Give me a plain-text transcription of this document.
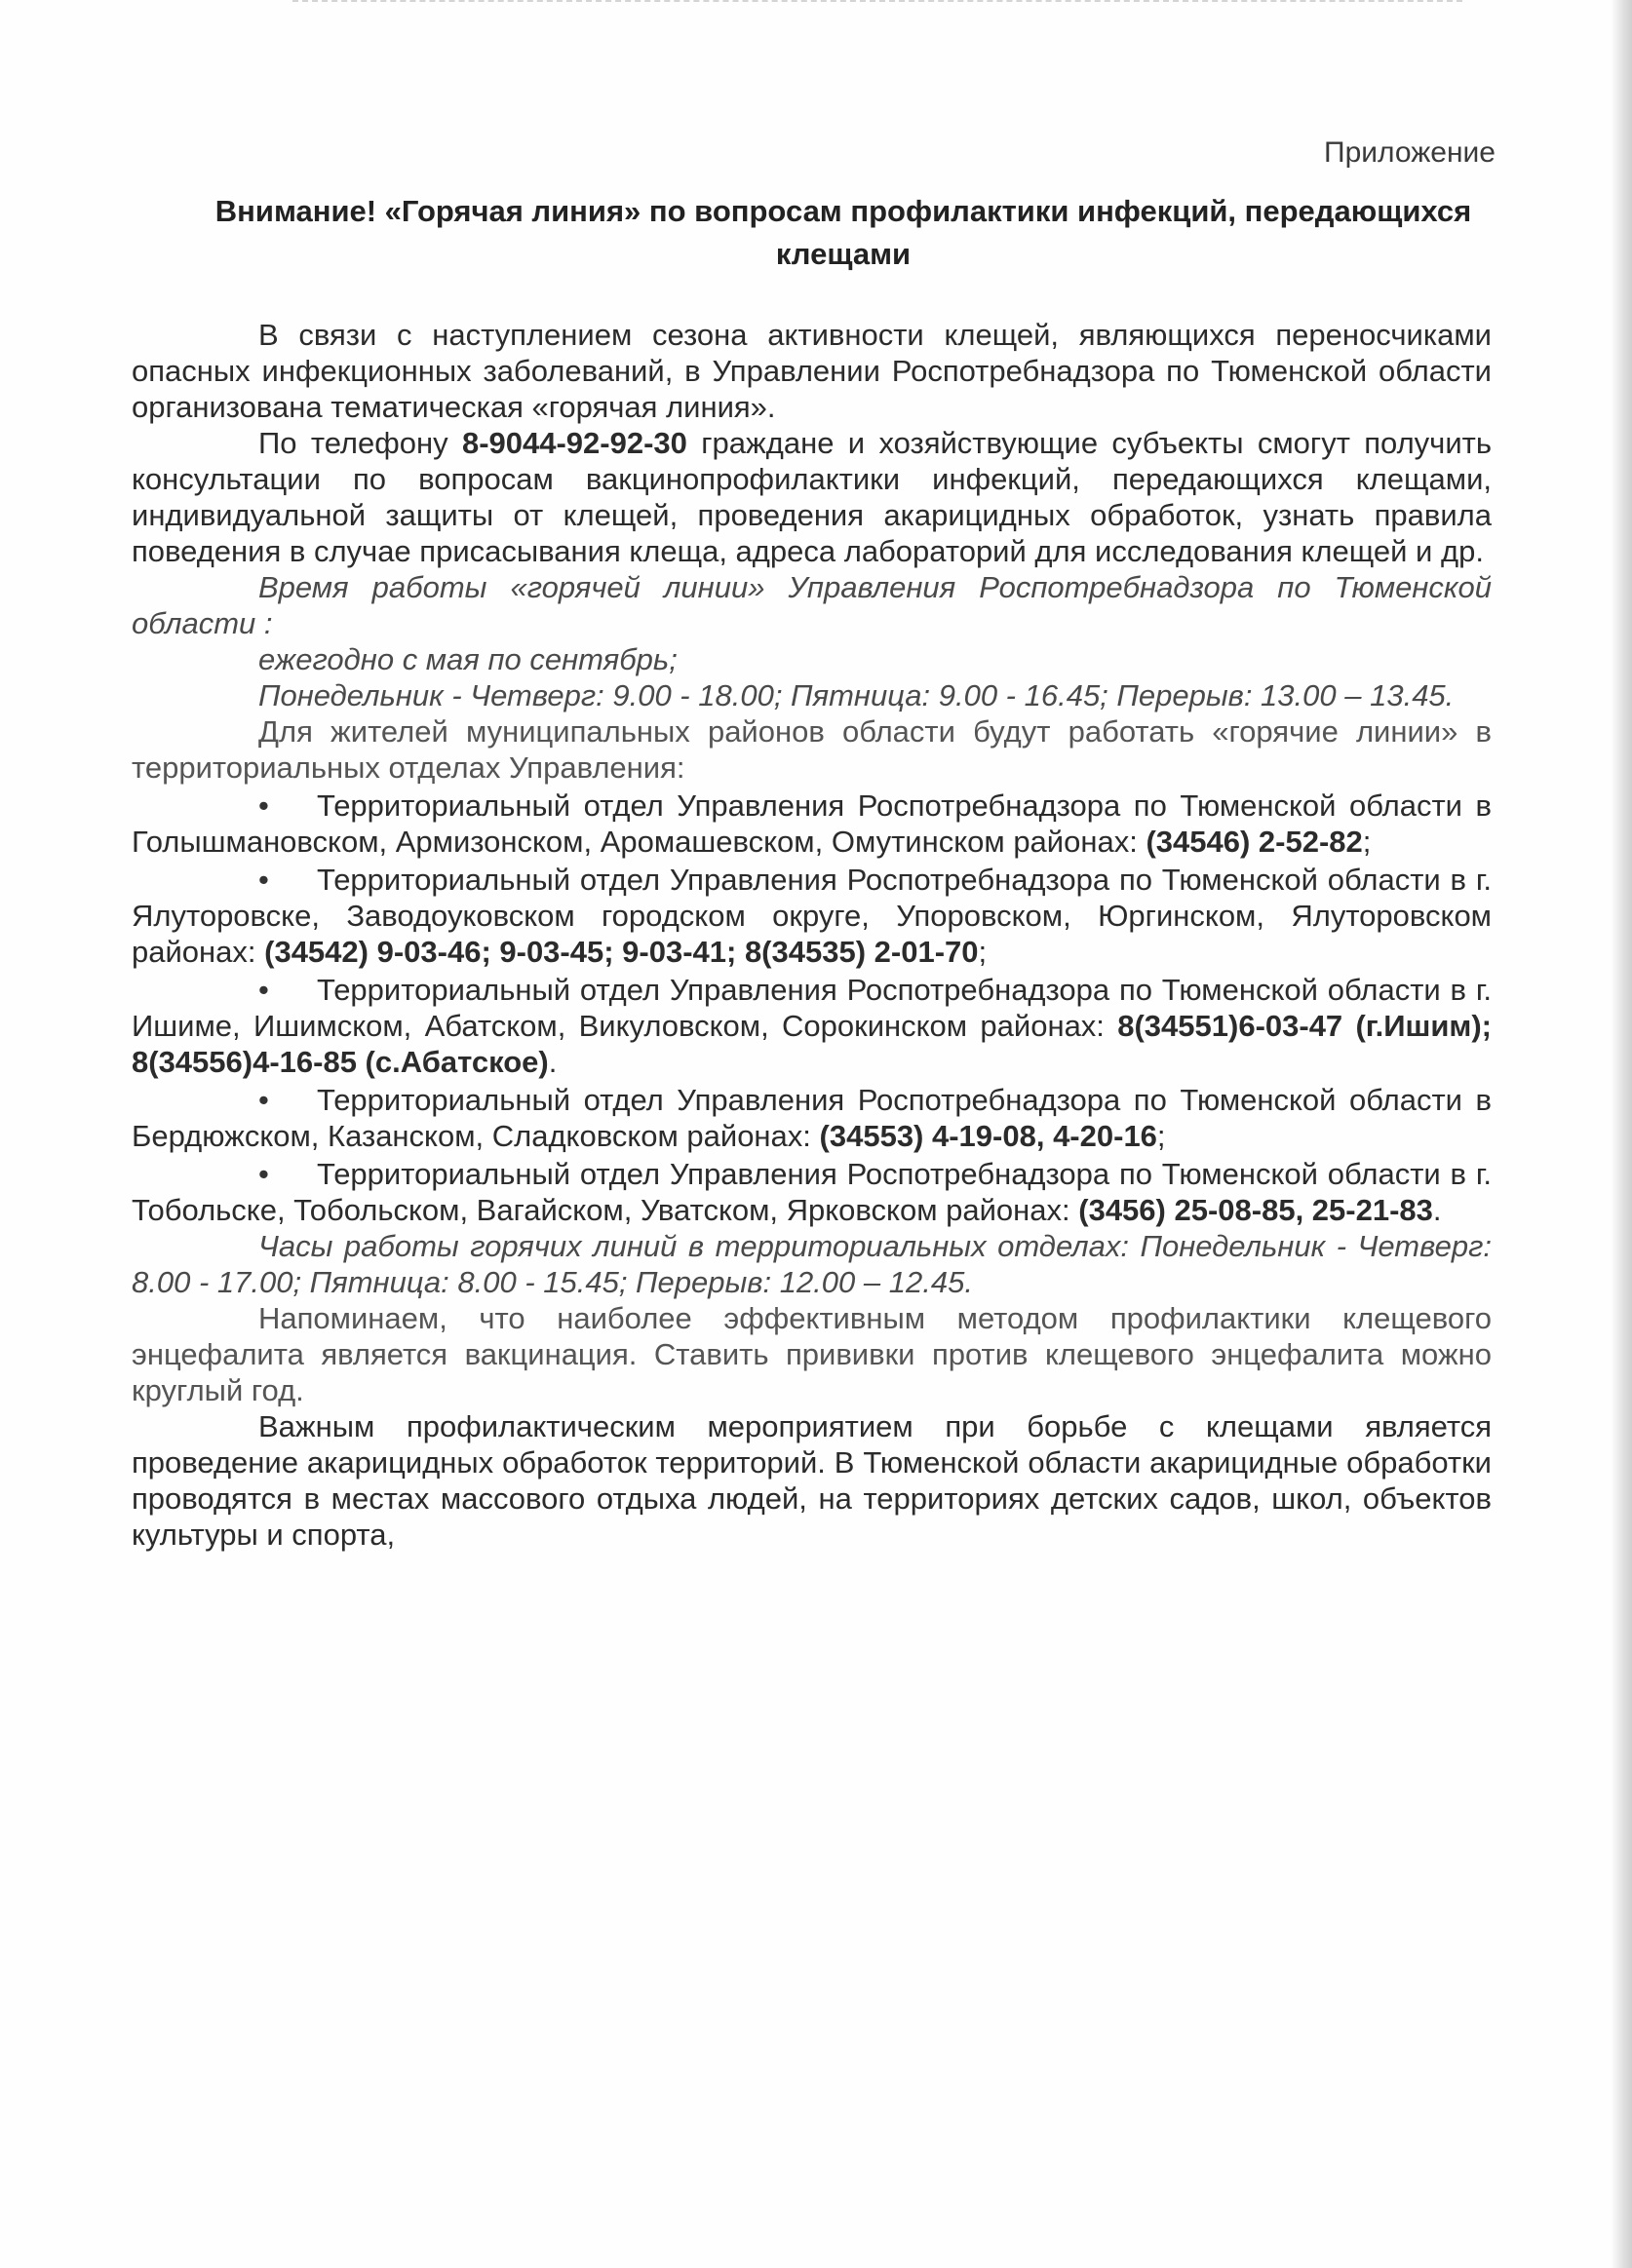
Приложение
Внимание! «Горячая линия» по вопросам профилактики инфекций, передающихся клещами

В связи с наступлением сезона активности клещей, являющихся переносчиками опасных инфекционных заболеваний, в Управлении Роспотребнадзора по Тюменской области организована тематическая «горячая линия».

По телефону 8-9044-92-92-30 граждане и хозяйствующие субъекты смогут получить консультации по вопросам вакцинопрофилактики инфекций, передающихся клещами, индивидуальной защиты от клещей, проведения акарицидных обработок, узнать правила поведения в случае присасывания клеща, адреса лабораторий для исследования клещей и др.

Время работы «горячей линии» Управления Роспотребнадзора по Тюменской области :

ежегодно с мая по сентябрь;

Понедельник - Четверг: 9.00 - 18.00; Пятница: 9.00 - 16.45; Перерыв: 13.00 – 13.45.

Для жителей муниципальных районов области будут работать «горячие линии» в территориальных отделах Управления:

• Территориальный отдел Управления Роспотребнадзора по Тюменской области в Голышмановском, Армизонском, Аромашевском, Омутинском районах: (34546) 2-52-82;
• Территориальный отдел Управления Роспотребнадзора по Тюменской области в г. Ялуторовске, Заводоуковском городском округе, Упоровском, Юргинском, Ялуторовском районах: (34542) 9-03-46; 9-03-45; 9-03-41; 8(34535) 2-01-70;
• Территориальный отдел Управления Роспотребнадзора по Тюменской области в г. Ишиме, Ишимском, Абатском, Викуловском, Сорокинском районах: 8(34551)6-03-47 (г.Ишим); 8(34556)4-16-85 (с.Абатское).
• Территориальный отдел Управления Роспотребнадзора по Тюменской области в Бердюжском, Казанском, Сладковском районах: (34553) 4-19-08, 4-20-16;
• Территориальный отдел Управления Роспотребнадзора по Тюменской области в г. Тобольске, Тобольском, Вагайском, Уватском, Ярковском районах: (3456) 25-08-85, 25-21-83.

Часы работы горячих линий в территориальных отделах: Понедельник - Четверг: 8.00 - 17.00; Пятница: 8.00 - 15.45; Перерыв: 12.00 – 12.45.

Напоминаем, что наиболее эффективным методом профилактики клещевого энцефалита является вакцинация. Ставить прививки против клещевого энцефалита можно круглый год.

Важным профилактическим мероприятием при борьбе с клещами является проведение акарицидных обработок территорий. В Тюменской области акарицидные обработки проводятся в местах массового отдыха людей, на территориях детских садов, школ, объектов культуры и спорта,
